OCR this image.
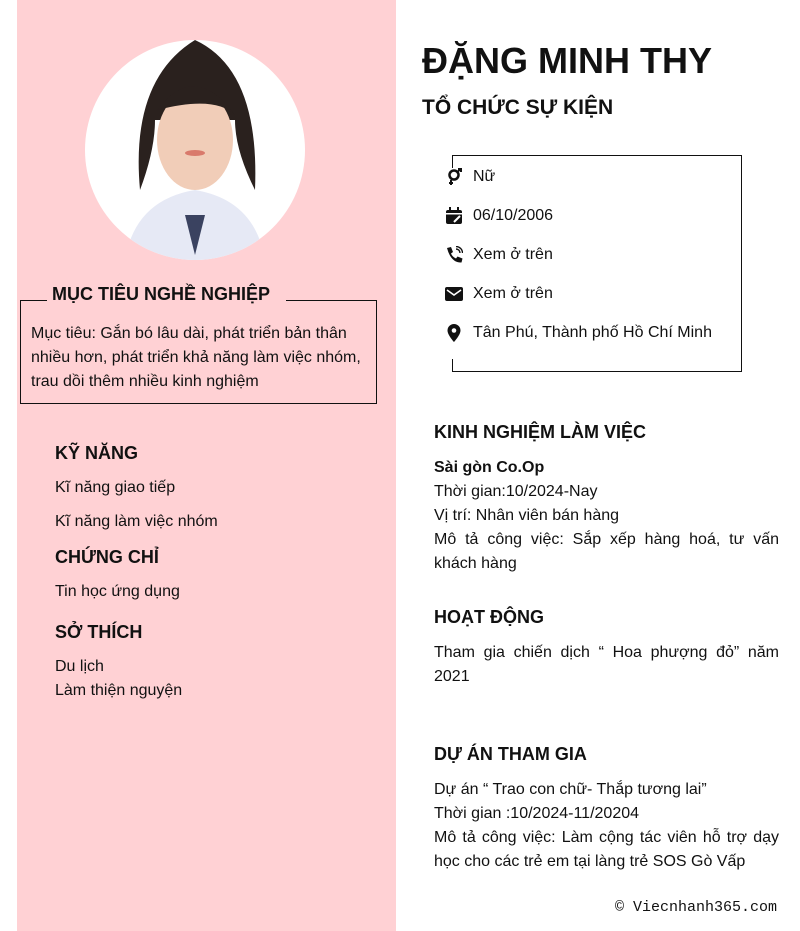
MỤC TIÊU NGHỀ NGHIỆP
Mục tiêu: Gắn bó lâu dài, phát triển bản thân nhiều hơn, phát triển khả năng làm việc nhóm, trau dồi thêm nhiều kinh nghiệm
KỸ NĂNG

Kĩ năng giao tiếp

Kĩ năng làm việc nhóm

CHỨNG CHỈ

Tin học ứng dụng

SỞ THÍCH

Du lịch

Làm thiện nguyện

ĐẶNG MINH THY
TỔ CHỨC SỰ KIỆN
Nữ
06/10/2006
Xem ở trên
Xem ở trên
Tân Phú, Thành phố Hồ Chí Minh
KINH NGHIỆM LÀM VIỆC

Sài gòn Co.Op

Thời gian:10/2024-Nay

Vị trí: Nhân viên bán hàng

Mô tả công việc: Sắp xếp hàng hoá, tư vấn khách hàng

HOẠT ĐỘNG

Tham gia chiến dịch “ Hoa phượng đỏ” năm 2021

DỰ ÁN THAM GIA

Dự án “ Trao con chữ- Thắp tương lai”

Thời gian :10/2024-11/20204

Mô tả công việc: Làm cộng tác viên hỗ trợ dạy học cho các trẻ em tại làng trẻ SOS Gò Vấp

© Viecnhanh365.com
